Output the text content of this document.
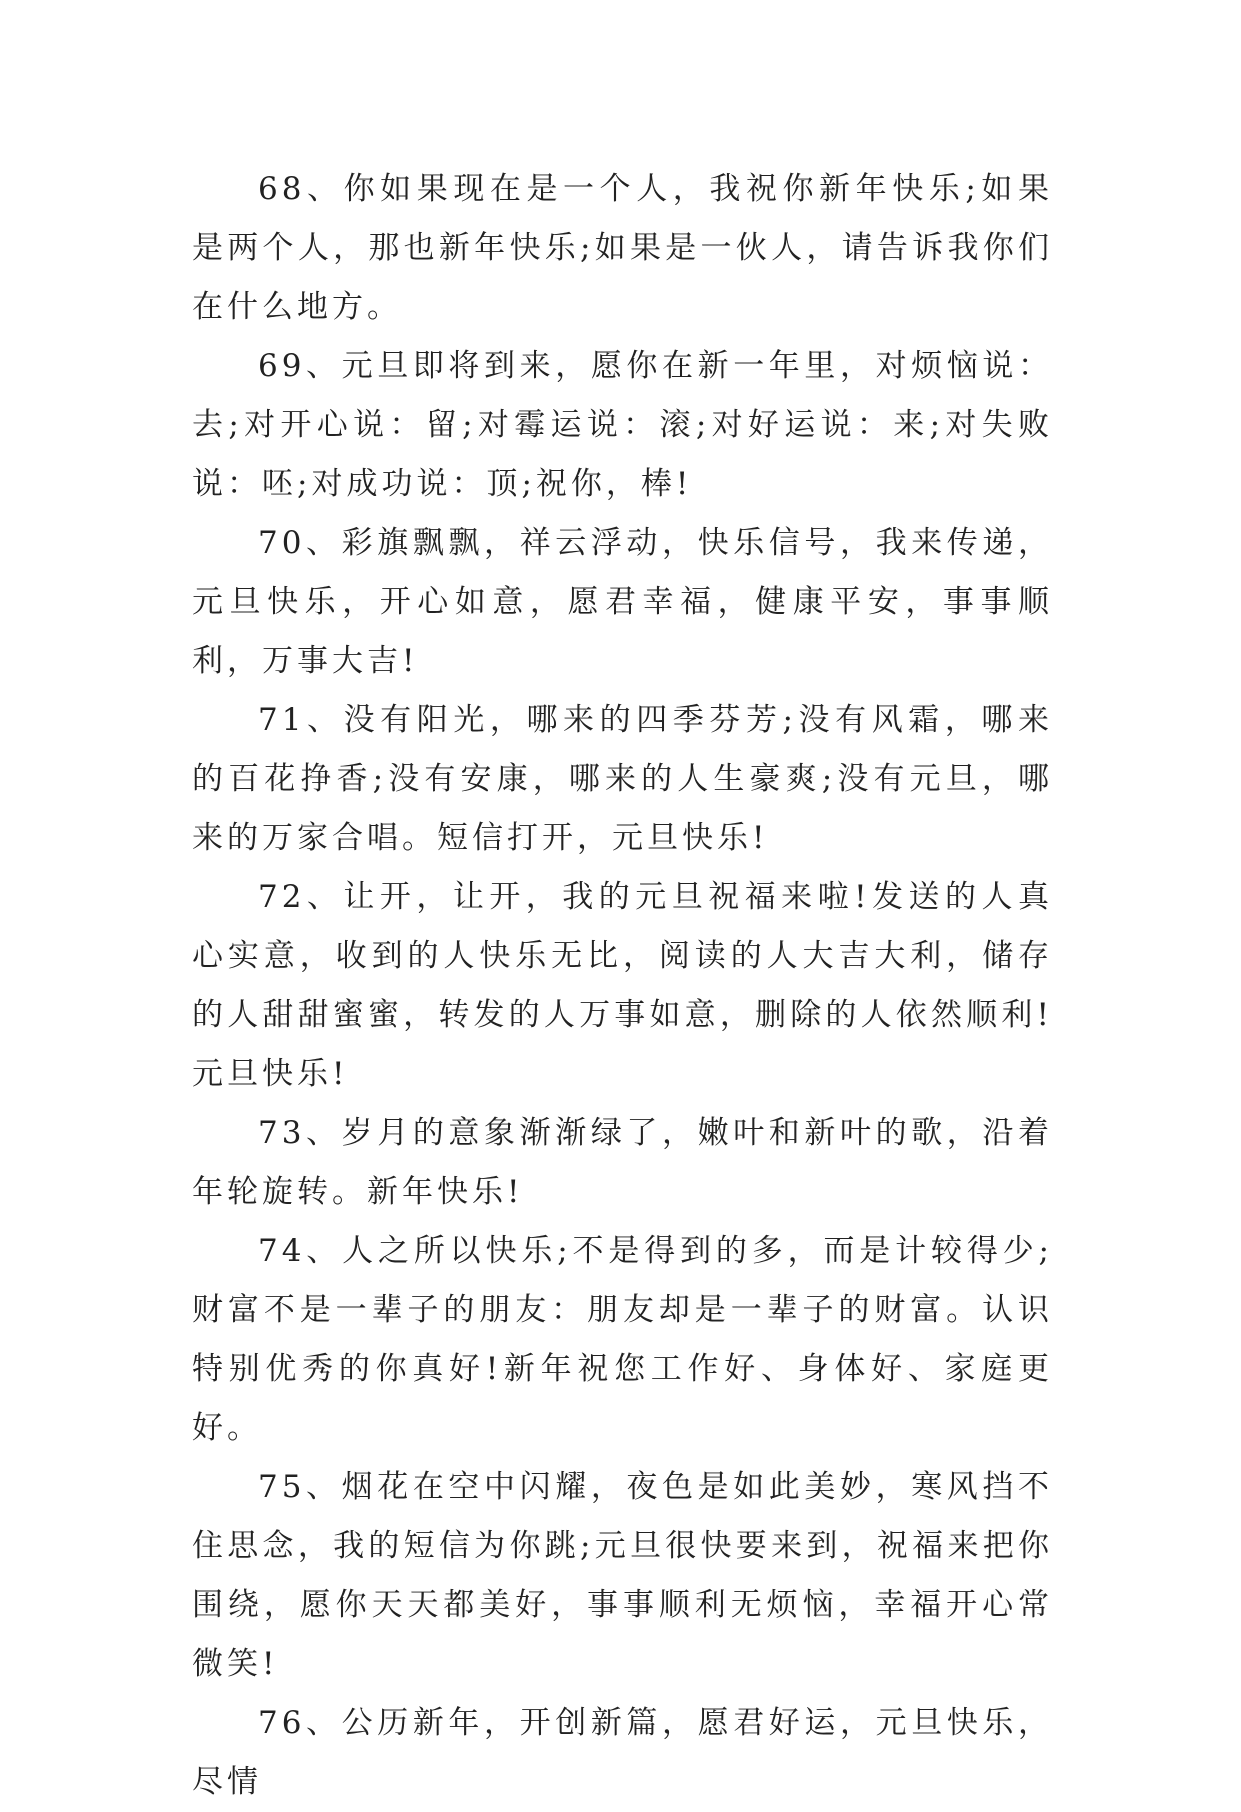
68、你如果现在是一个人，我祝你新年快乐;如果是两个人，那也新年快乐;如果是一伙人，请告诉我你们在什么地方。

69、元旦即将到来，愿你在新一年里，对烦恼说：去;对开心说：留;对霉运说：滚;对好运说：来;对失败说：呸;对成功说：顶;祝你，棒!

70、彩旗飘飘，祥云浮动，快乐信号，我来传递，元旦快乐，开心如意，愿君幸福，健康平安，事事顺利，万事大吉!

71、没有阳光，哪来的四季芬芳;没有风霜，哪来的百花挣香;没有安康，哪来的人生豪爽;没有元旦，哪来的万家合唱。短信打开，元旦快乐!

72、让开，让开，我的元旦祝福来啦!发送的人真心实意，收到的人快乐无比，阅读的人大吉大利，储存的人甜甜蜜蜜，转发的人万事如意，删除的人依然顺利!元旦快乐!

73、岁月的意象渐渐绿了，嫩叶和新叶的歌，沿着年轮旋转。新年快乐!

74、人之所以快乐;不是得到的多，而是计较得少;财富不是一辈子的朋友：朋友却是一辈子的财富。认识特别优秀的你真好!新年祝您工作好、身体好、家庭更好。

75、烟花在空中闪耀，夜色是如此美妙，寒风挡不住思念，我的短信为你跳;元旦很快要来到，祝福来把你围绕，愿你天天都美好，事事顺利无烦恼，幸福开心常微笑!

76、公历新年，开创新篇，愿君好运，元旦快乐，尽情
